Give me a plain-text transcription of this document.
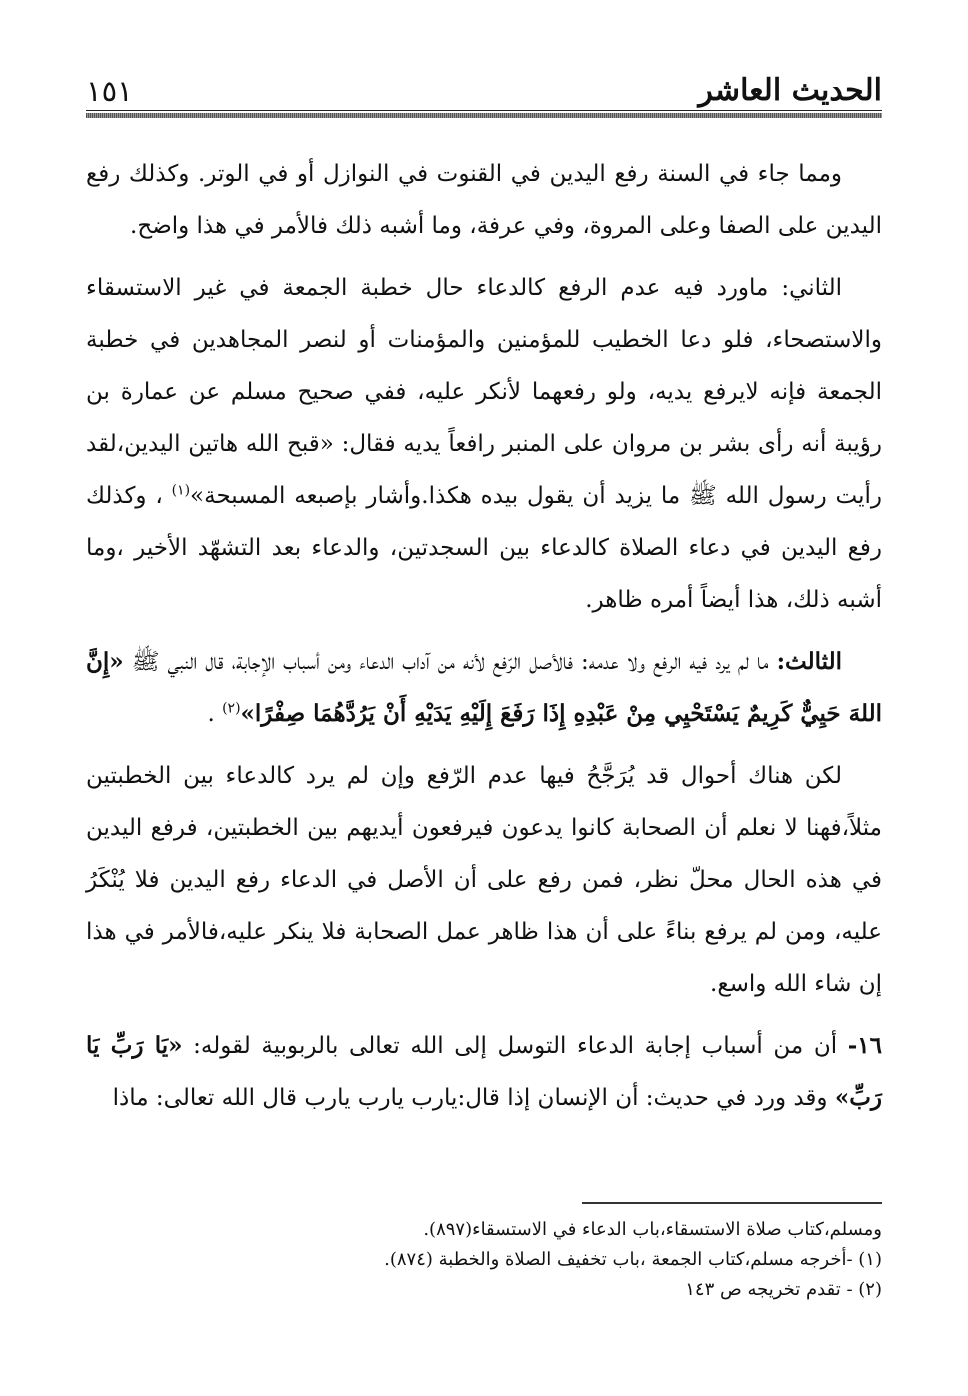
١٥١	الحديث العاشر

ومما جاء في السنة رفع اليدين في القنوت في النوازل أو في الوتر. وكذلك رفع اليدين على الصفا وعلى المروة، وفي عرفة، وما أشبه ذلك فالأمر في هذا واضح.

الثاني: ماورد فيه عدم الرفع كالدعاء حال خطبة الجمعة في غير الاستسقاء والاستصحاء، فلو دعا الخطيب للمؤمنين والمؤمنات أو لنصر المجاهدين في خطبة الجمعة فإنه لايرفع يديه، ولو رفعهما لأنكر عليه، ففي صحيح مسلم عن عمارة بن رؤيبة أنه رأى بشر بن مروان على المنبر رافعاً يديه فقال: «قبح الله هاتين اليدين،لقد رأيت رسول الله ﷺ ما يزيد أن يقول بيده هكذا.وأشار بإصبعه المسبحة»$^{(١)}$ ، وكذلك رفع اليدين في دعاء الصلاة كالدعاء بين السجدتين، والدعاء بعد التشهّد الأخير ،وما أشبه ذلك، هذا أيضاً أمره ظاهر.

الثالث: ما لم يرد فيه الرفع ولا عدمه: فالأصل الرّفع لأنه من آداب الدعاء ومن أسباب الإجابة، قال النبي ﷺ «إِنَّ اللهَ حَيِيٌّ كَرِيمٌ يَسْتَحْيِي مِنْ عَبْدِهِ إِذَا رَفَعَ إِلَيْهِ يَدَيْهِ أَنْ يَرُدَّهُمَا صِفْرًا»$^{(٢)}$ .

لكن هناك أحوال قد يُرَجَّحُ فيها عدم الرّفع وإن لم يرد كالدعاء بين الخطبتين مثلاً،فهنا لا نعلم أن الصحابة كانوا يدعون فيرفعون أيديهم بين الخطبتين، فرفع اليدين في هذه الحال محلّ نظر، فمن رفع على أن الأصل في الدعاء رفع اليدين فلا يُنْكَرُ عليه، ومن لم يرفع بناءً على أن هذا ظاهر عمل الصحابة فلا ينكر عليه،فالأمر في هذا إن شاء الله واسع.

١٦- أن من أسباب إجابة الدعاء التوسل إلى الله تعالى بالربوبية لقوله: «يَا رَبِّ يَا رَبِّ» وقد ورد في حديث: أن الإنسان إذا قال:يارب يارب يارب قال الله تعالى: ماذا

ومسلم،كتاب صلاة الاستسقاء،باب الدعاء في الاستسقاء(٨٩٧).
(١) -أخرجه مسلم،كتاب الجمعة ،باب تخفيف الصلاة والخطبة (٨٧٤).
(٢) - تقدم تخريجه ص ١٤٣
